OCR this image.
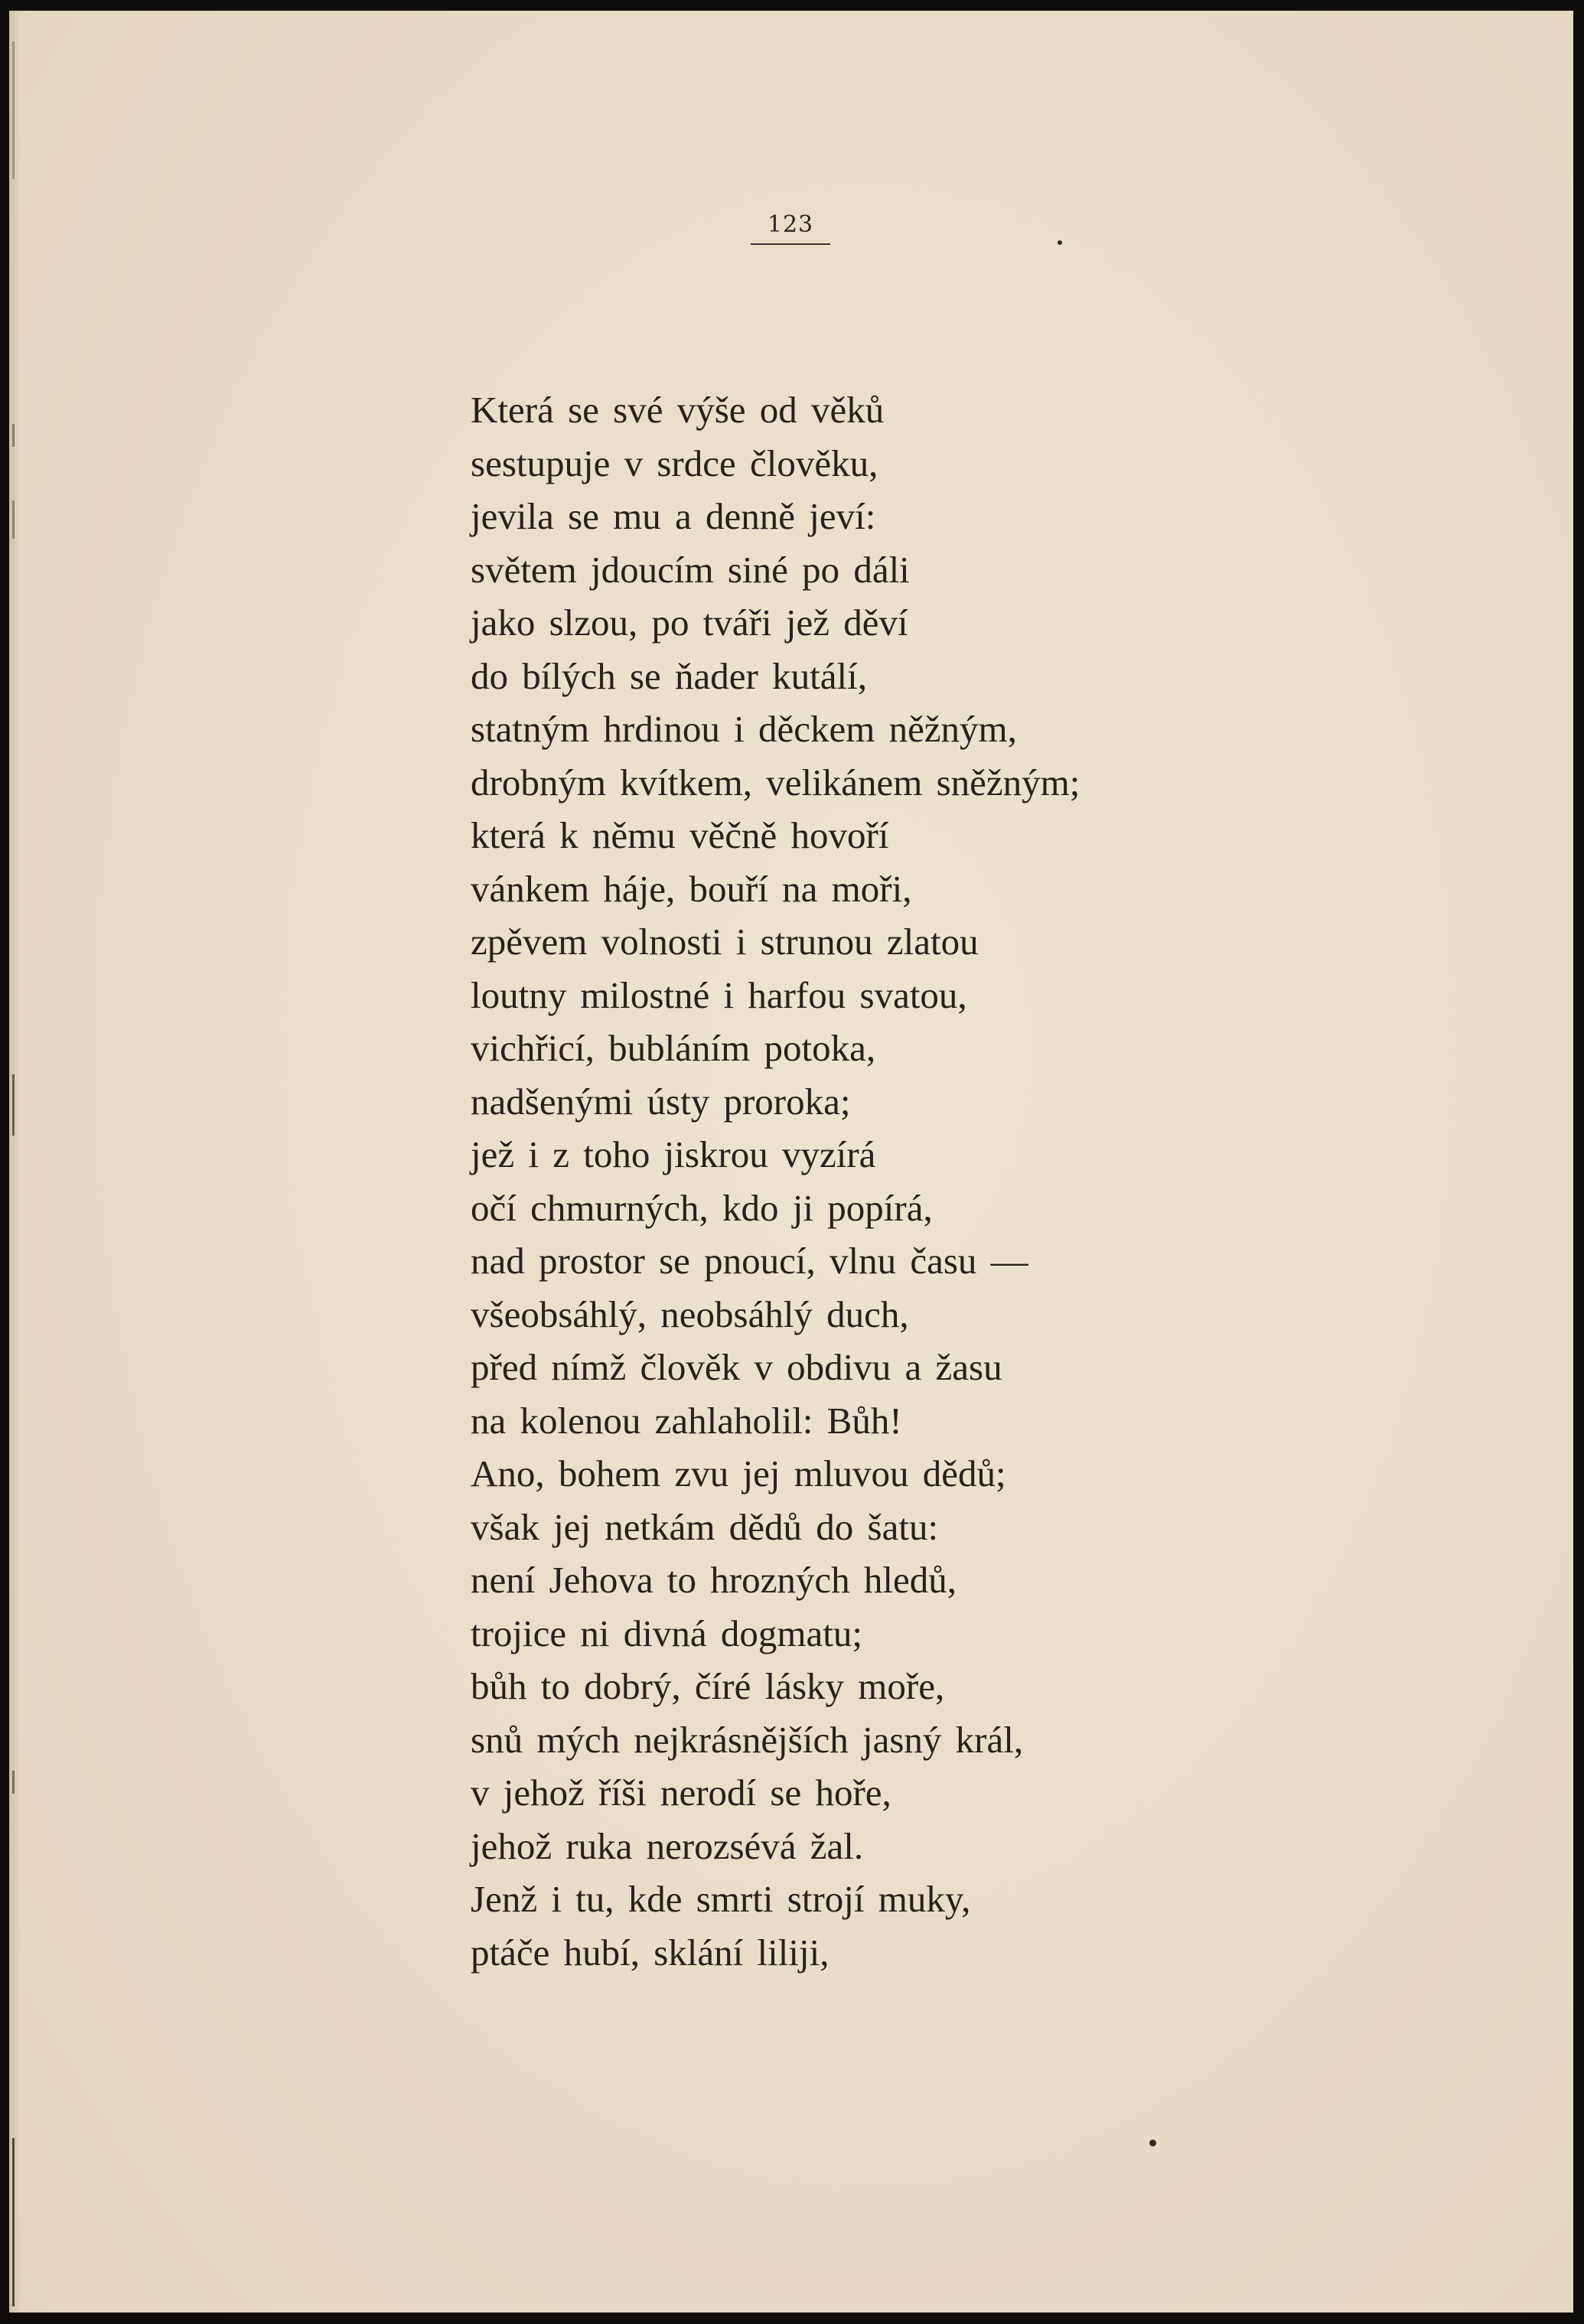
123
Která se své výše od věků
sestupuje v srdce člověku,
jevila se mu a denně jeví:
světem jdoucím siné po dáli
jako slzou, po tváři jež děví
do bílých se ňader kutálí,
statným hrdinou i děckem něžným,
drobným kvítkem, velikánem sněžným;
která k němu věčně hovoří
vánkem háje, bouří na moři,
zpěvem volnosti i strunou zlatou
loutny milostné i harfou svatou,
vichřicí, bubláním potoka,
nadšenými ústy proroka;
jež i z toho jiskrou vyzírá
očí chmurných, kdo ji popírá,
nad prostor se pnoucí, vlnu času —
všeobsáhlý, neobsáhlý duch,
před nímž člověk v obdivu a žasu
na kolenou zahlaholil: Bůh!
Ano, bohem zvu jej mluvou dědů;
však jej netkám dědů do šatu:
není Jehova to hrozných hledů,
trojice ni divná dogmatu;
bůh to dobrý, číré lásky moře,
snů mých nejkrásnějších jasný král,
v jehož říši nerodí se hoře,
jehož ruka nerozsévá žal.
Jenž i tu, kde smrti strojí muky,
ptáče hubí, sklání liliji,
